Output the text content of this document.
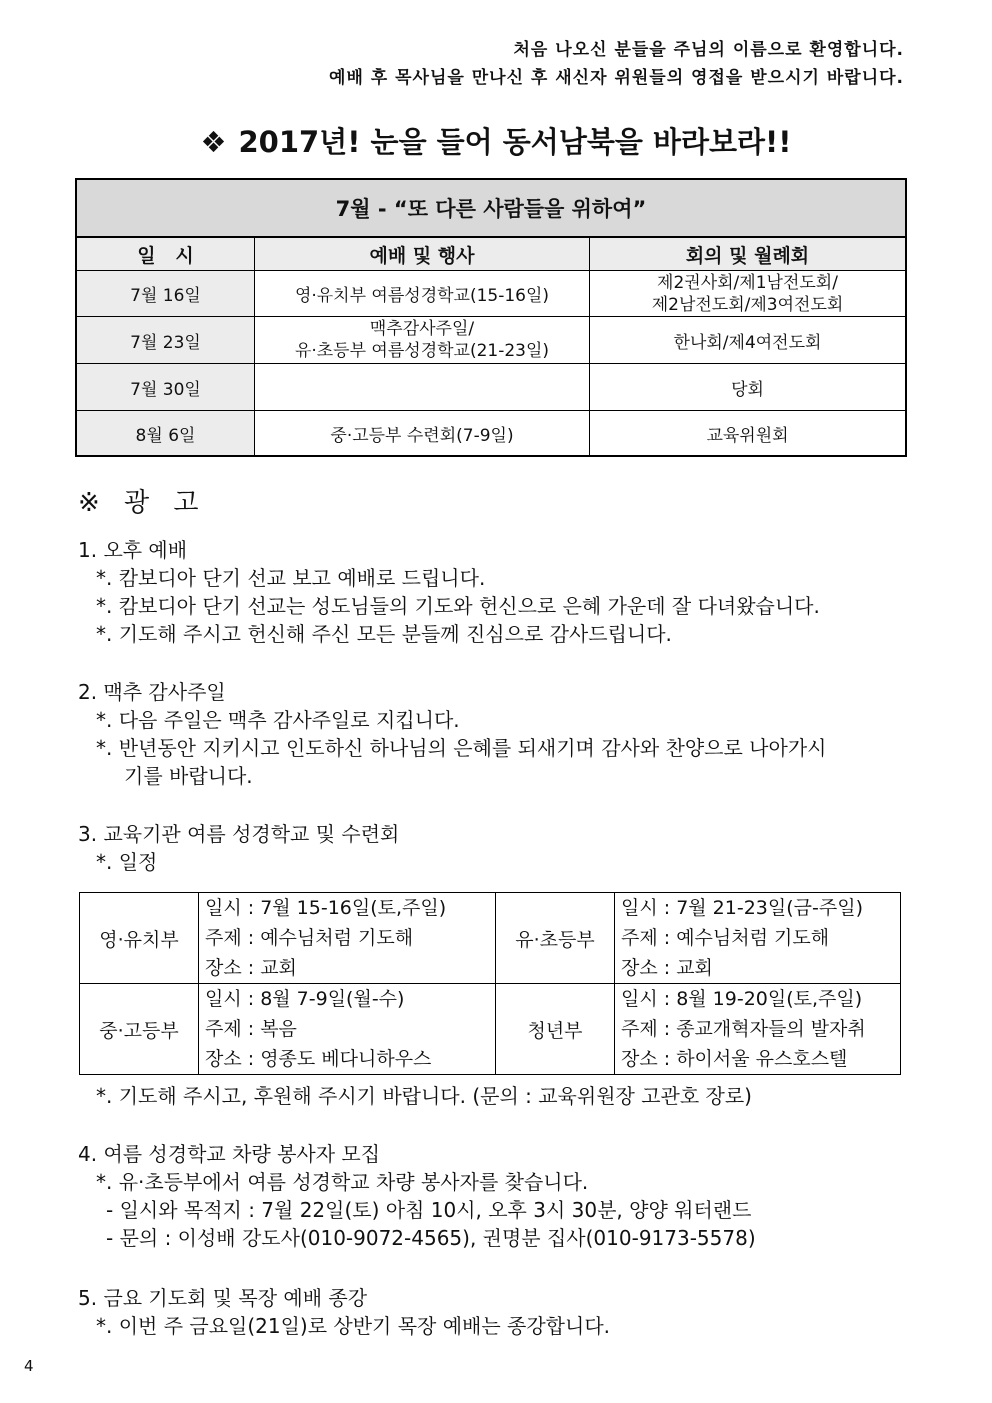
처음 나오신 분들을 주님의 이름으로 환영합니다.
예배 후 목사님을 만나신 후 새신자 위원들의 영접을 받으시기 바랍니다.
❖ 2017년! 눈을 들어 동서남북을 바라보라!!
7월 - “또 다른 사람들을 위하여”		
일   시	예배 및 행사	회의 및 월례회
7월 16일	영·유치부 여름성경학교(15-16일)	제2권사회/제1남전도회/
제2남전도회/제3여전도회

7월 23일	맥추감사주일/
유·초등부 여름성경학교(21-23일)	한나회/제4여전도회
7월 30일		당회
8월 6일	중·고등부 수련회(7-9일)	교육위원회
※ 광 고
1. 오후 예배
*. 캄보디아 단기 선교 보고 예배로 드립니다.
*. 캄보디아 단기 선교는 성도님들의 기도와 헌신으로 은혜 가운데 잘 다녀왔습니다.
*. 기도해 주시고 헌신해 주신 모든 분들께 진심으로 감사드립니다.
2. 맥추 감사주일
*. 다음 주일은 맥추 감사주일로 지킵니다.
*. 반년동안 지키시고 인도하신 하나님의 은혜를 되새기며 감사와 찬양으로 나아가시
기를 바랍니다.
3. 교육기관 여름 성경학교 및 수련회
*. 일정
영·유치부	일시 : 7월 15-16일(토,주일)
주제 : 예수님처럼 기도해
장소 : 교회	유·초등부	일시 : 7월 21-23일(금-주일)
주제 : 예수님처럼 기도해
장소 : 교회

중·고등부	일시 : 8월 7-9일(월-수)
주제 : 복음
장소 : 영종도 베다니하우스	청년부	일시 : 8월 19-20일(토,주일)
주제 : 종교개혁자들의 발자취
장소 : 하이서울 유스호스텔
*. 기도해 주시고, 후원해 주시기 바랍니다. (문의 : 교육위원장 고관호 장로)
4. 여름 성경학교 차량 봉사자 모집
*. 유·초등부에서 여름 성경학교 차량 봉사자를 찾습니다.
- 일시와 목적지 : 7월 22일(토) 아침 10시, 오후 3시 30분, 양양 워터랜드
- 문의 : 이성배 강도사(010-9072-4565), 권명분 집사(010-9173-5578)
5. 금요 기도회 및 목장 예배 종강
*. 이번 주 금요일(21일)로 상반기 목장 예배는 종강합니다.
4
